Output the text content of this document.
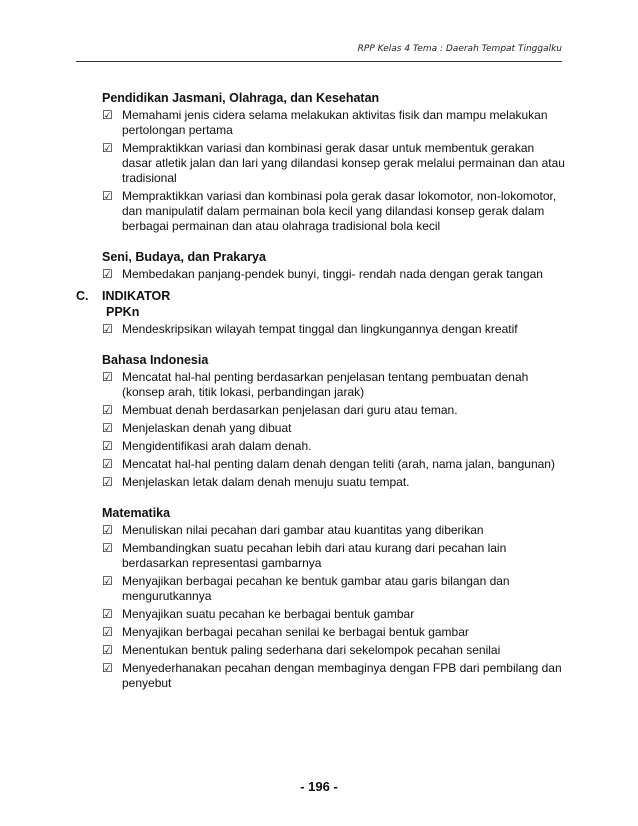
RPP Kelas 4 Tema : Daerah Tempat Tinggalku
Pendidikan Jasmani, Olahraga, dan Kesehatan
☑ Memahami jenis cidera selama melakukan aktivitas fisik dan mampu melakukan pertolongan pertama
☑ Mempraktikkan variasi dan kombinasi gerak dasar untuk membentuk gerakan dasar atletik jalan dan lari yang dilandasi konsep gerak melalui permainan dan atau tradisional
☑ Mempraktikkan variasi dan kombinasi pola gerak dasar lokomotor, non-lokomotor, dan manipulatif dalam permainan bola kecil yang dilandasi konsep gerak dalam berbagai permainan dan atau olahraga tradisional bola kecil
Seni, Budaya, dan Prakarya
☑ Membedakan panjang-pendek bunyi, tinggi- rendah nada dengan gerak tangan
C.	INDIKATOR
PPKn
☑ Mendeskripsikan wilayah tempat tinggal dan lingkungannya dengan kreatif
Bahasa Indonesia
☑ Mencatat hal-hal penting berdasarkan penjelasan tentang pembuatan denah (konsep arah, titik lokasi, perbandingan jarak)
☑ Membuat denah berdasarkan penjelasan dari guru atau teman.
☑ Menjelaskan denah yang dibuat
☑ Mengidentifikasi arah dalam denah.
☑ Mencatat hal-hal penting dalam denah dengan teliti (arah, nama jalan, bangunan)
☑ Menjelaskan letak dalam denah menuju suatu tempat.
Matematika
☑ Menuliskan nilai pecahan dari gambar atau kuantitas yang diberikan
☑ Membandingkan suatu pecahan lebih dari atau kurang dari pecahan lain berdasarkan representasi gambarnya
☑ Menyajikan berbagai pecahan ke bentuk gambar atau garis bilangan dan mengurutkannya
☑ Menyajikan suatu pecahan ke berbagai bentuk gambar
☑ Menyajikan berbagai pecahan senilai ke berbagai bentuk gambar
☑ Menentukan bentuk paling sederhana dari sekelompok pecahan senilai
☑ Menyederhanakan pecahan dengan membaginya dengan FPB dari pembilang dan penyebut
- 196 -
